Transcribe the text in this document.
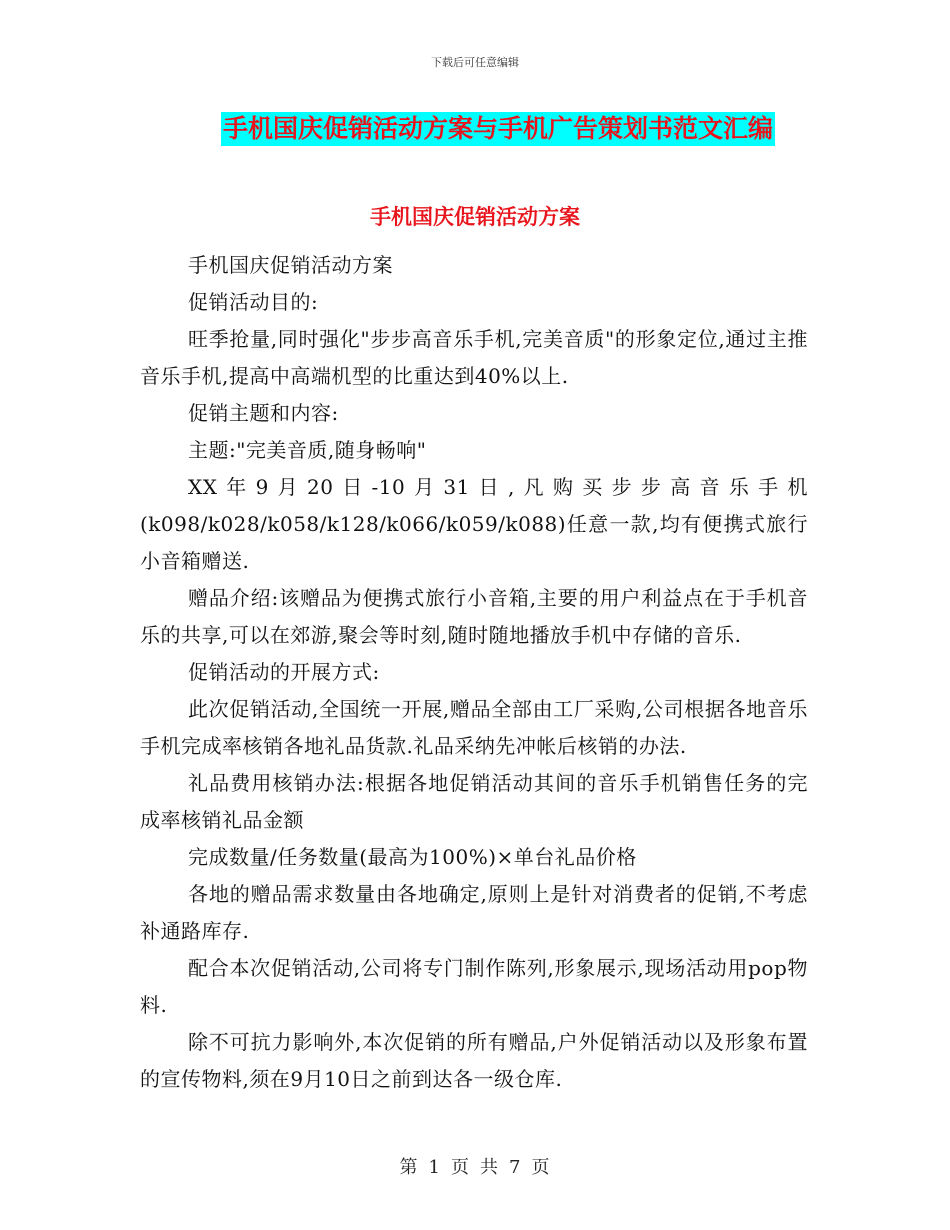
下载后可任意编辑
手机国庆促销活动方案与手机广告策划书范文汇编
手机国庆促销活动方案

手机国庆促销活动方案

促销活动目的:

旺季抢量,同时强化"步步高音乐手机,完美音质"的形象定位,通过主推音乐手机,提高中高端机型的比重达到40%以上.

促销主题和内容:

主题:"完美音质,随身畅响"

XX年9月20日-10月31日,凡购买步步高音乐手机(k098/k028/k058/k128/k066/k059/k088)任意一款,均有便携式旅行小音箱赠送.

赠品介绍:该赠品为便携式旅行小音箱,主要的用户利益点在于手机音乐的共享,可以在郊游,聚会等时刻,随时随地播放手机中存储的音乐.

促销活动的开展方式:

此次促销活动,全国统一开展,赠品全部由工厂采购,公司根据各地音乐手机完成率核销各地礼品货款.礼品采纳先冲帐后核销的办法.

礼品费用核销办法:根据各地促销活动其间的音乐手机销售任务的完成率核销礼品金额

完成数量/任务数量(最高为100%)×单台礼品价格

各地的赠品需求数量由各地确定,原则上是针对消费者的促销,不考虑补通路库存.

配合本次促销活动,公司将专门制作陈列,形象展示,现场活动用pop物料.

除不可抗力影响外,本次促销的所有赠品,户外促销活动以及形象布置的宣传物料,须在9月10日之前到达各一级仓库.

第 1 页 共 7 页
